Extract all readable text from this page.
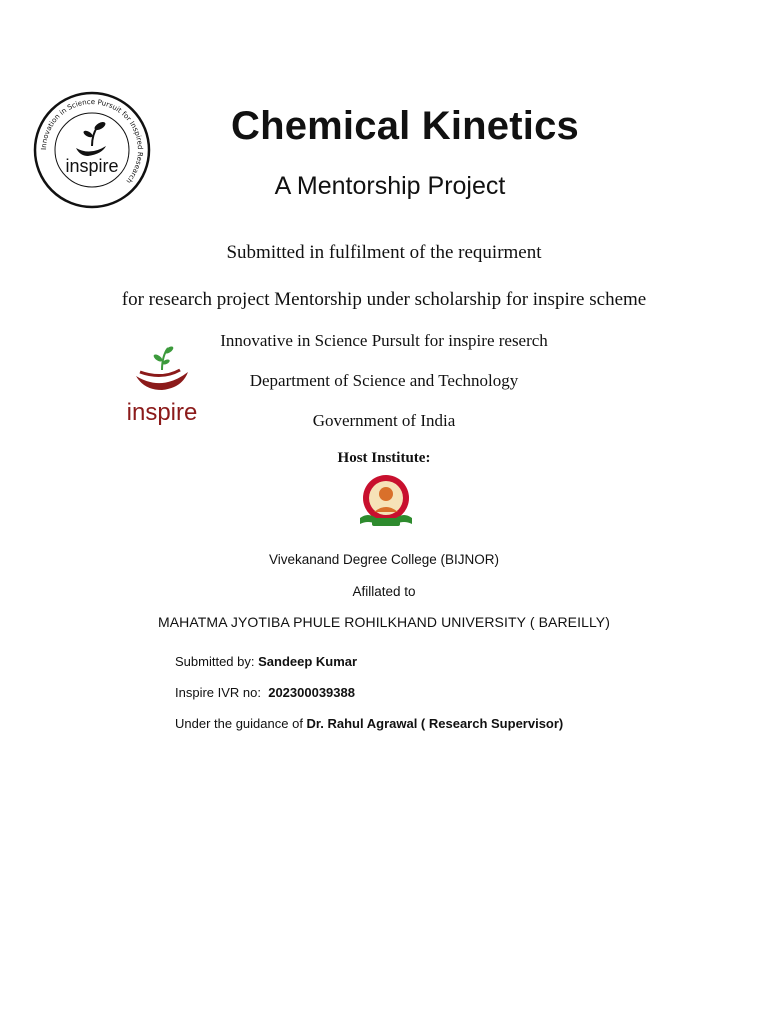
Innovation in Science Pursuit for Inspired Research
inspire
Chemical Kinetics
A Mentorship Project
Submitted in fulfilment of the requirment
for research project Mentorship under scholarship for inspire scheme
Innovative in Science Pursult for inspire reserch
Department of Science and Technology
Government of India
Host Institute:
inspire
Vivekanand Degree College (BIJNOR)
Afillated to
MAHATMA JYOTIBA PHULE ROHILKHAND UNIVERSITY ( BAREILLY)
Submitted by: Sandeep Kumar
Inspire IVR no:  202300039388
Under the guidance of Dr. Rahul Agrawal ( Research Supervisor)
